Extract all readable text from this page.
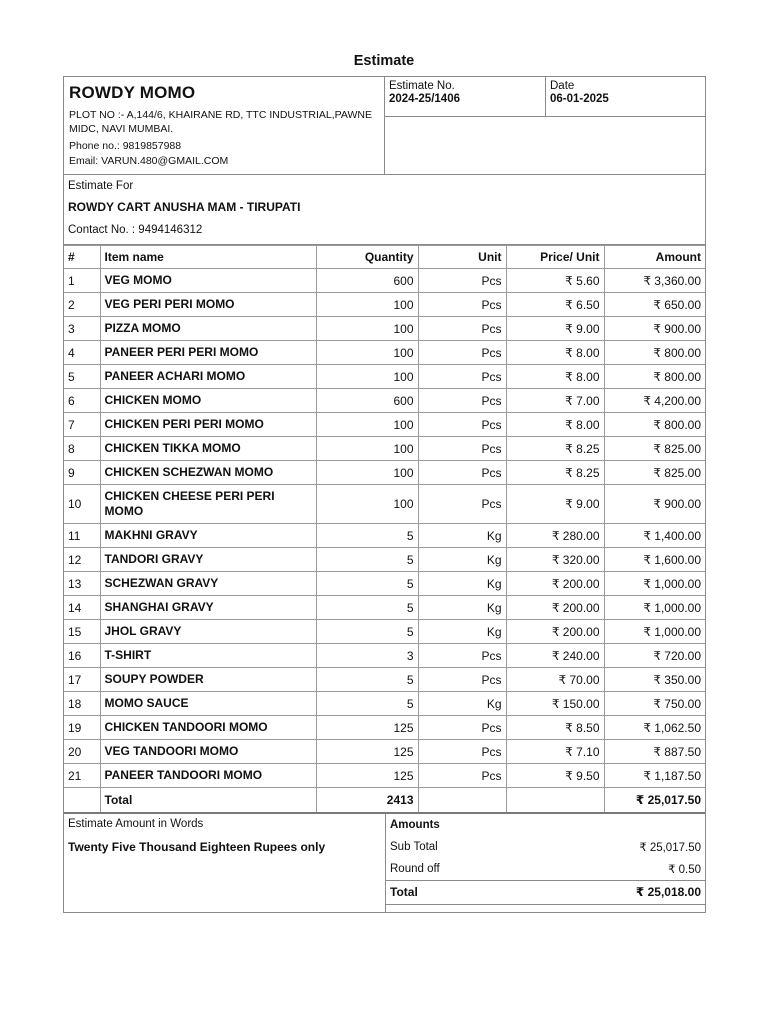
Estimate
ROWDY MOMO
PLOT NO :- A,144/6, KHAIRANE RD, TTC INDUSTRIAL,PAWNE MIDC, NAVI MUMBAI.
Phone no.: 9819857988
Email: VARUN.480@GMAIL.COM
Estimate No.
2024-25/1406
Date
06-01-2025
Estimate For
ROWDY CART ANUSHA MAM - TIRUPATI
Contact No. : 9494146312
#	Item name	Quantity	Unit	Price/ Unit	Amount
1	VEG MOMO	600	Pcs	₹ 5.60	₹ 3,360.00
2	VEG PERI PERI MOMO	100	Pcs	₹ 6.50	₹ 650.00
3	PIZZA MOMO	100	Pcs	₹ 9.00	₹ 900.00
4	PANEER PERI PERI MOMO	100	Pcs	₹ 8.00	₹ 800.00
5	PANEER ACHARI MOMO	100	Pcs	₹ 8.00	₹ 800.00
6	CHICKEN MOMO	600	Pcs	₹ 7.00	₹ 4,200.00
7	CHICKEN PERI PERI MOMO	100	Pcs	₹ 8.00	₹ 800.00
8	CHICKEN TIKKA MOMO	100	Pcs	₹ 8.25	₹ 825.00
9	CHICKEN SCHEZWAN MOMO	100	Pcs	₹ 8.25	₹ 825.00
10	CHICKEN CHEESE PERI PERI MOMO	100	Pcs	₹ 9.00	₹ 900.00
11	MAKHNI GRAVY	5	Kg	₹ 280.00	₹ 1,400.00
12	TANDORI GRAVY	5	Kg	₹ 320.00	₹ 1,600.00
13	SCHEZWAN GRAVY	5	Kg	₹ 200.00	₹ 1,000.00
14	SHANGHAI GRAVY	5	Kg	₹ 200.00	₹ 1,000.00
15	JHOL GRAVY	5	Kg	₹ 200.00	₹ 1,000.00
16	T-SHIRT	3	Pcs	₹ 240.00	₹ 720.00
17	SOUPY POWDER	5	Pcs	₹ 70.00	₹ 350.00
18	MOMO SAUCE	5	Kg	₹ 150.00	₹ 750.00
19	CHICKEN TANDOORI MOMO	125	Pcs	₹ 8.50	₹ 1,062.50
20	VEG TANDOORI MOMO	125	Pcs	₹ 7.10	₹ 887.50
21	PANEER TANDOORI MOMO	125	Pcs	₹ 9.50	₹ 1,187.50
	Total	2413			₹ 25,017.50
Estimate Amount in Words
Twenty Five Thousand Eighteen Rupees only
Amounts
Sub Total	₹ 25,017.50
Round off	₹ 0.50
Total	₹ 25,018.00
